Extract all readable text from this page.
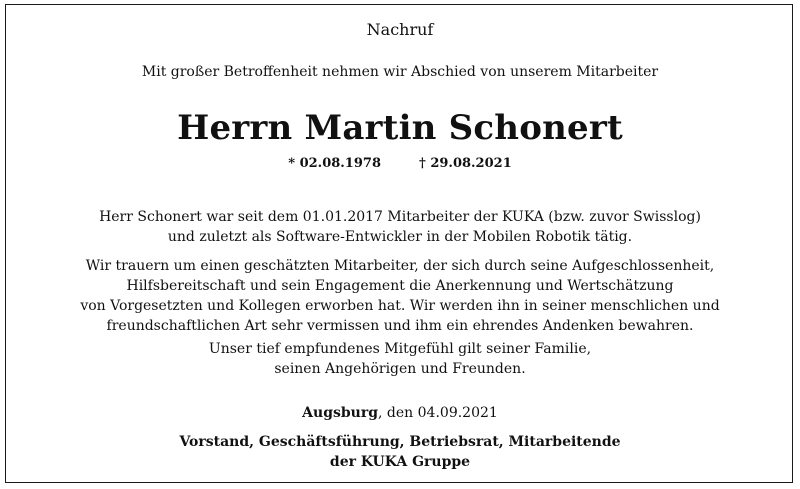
Nachruf
Mit großer Betroffenheit nehmen wir Abschied von unserem Mitarbeiter
Herrn Martin Schonert
* 02.08.1978	† 29.08.2021
Herr Schonert war seit dem 01.01.2017 Mitarbeiter der KUKA (bzw. zuvor Swisslog)
und zuletzt als Software-Entwickler in der Mobilen Robotik tätig.
Wir trauern um einen geschätzten Mitarbeiter, der sich durch seine Aufgeschlossenheit,
Hilfsbereitschaft und sein Engagement die Anerkennung und Wertschätzung
von Vorgesetzten und Kollegen erworben hat. Wir werden ihn in seiner menschlichen und
freundschaftlichen Art sehr vermissen und ihm ein ehrendes Andenken bewahren.
Unser tief empfundenes Mitgefühl gilt seiner Familie,
seinen Angehörigen und Freunden.
Augsburg, den 04.09.2021
Vorstand, Geschäftsführung, Betriebsrat, Mitarbeitende
der KUKA Gruppe
